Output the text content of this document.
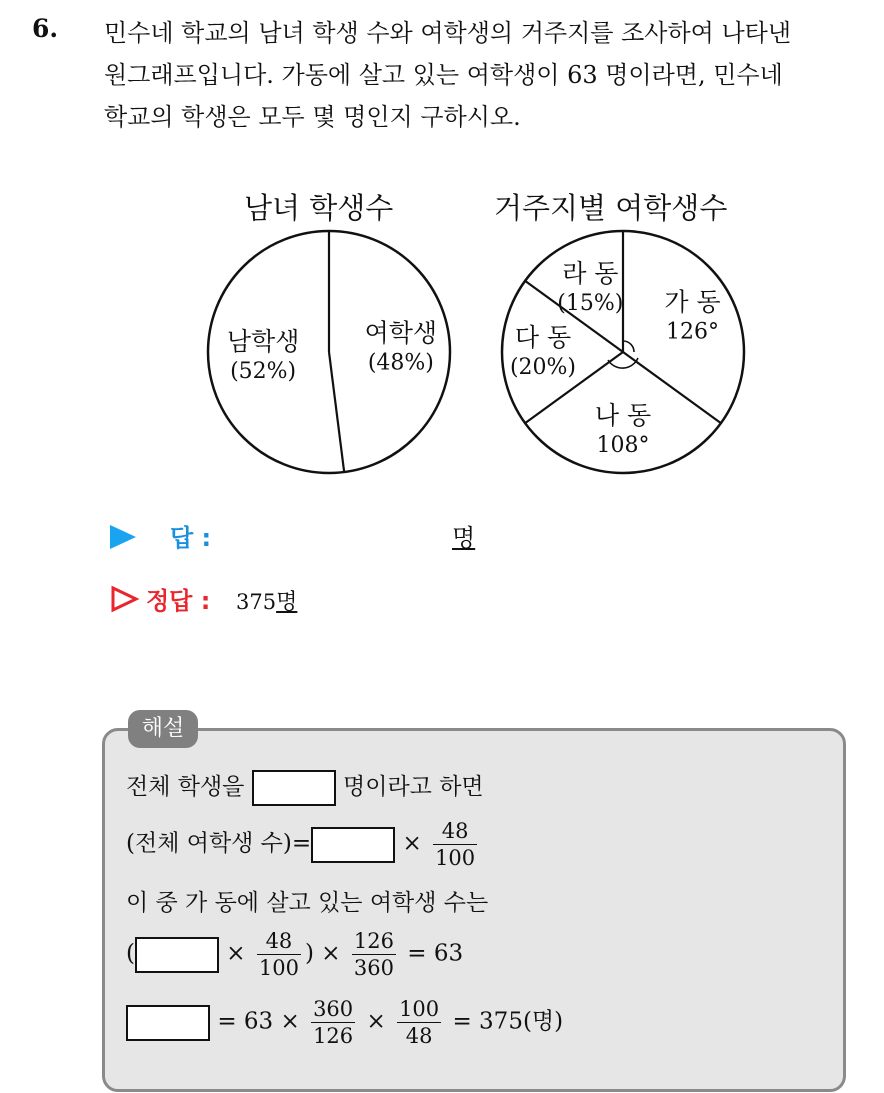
6. 민수네 학교의 남녀 학생 수와 여학생의 거주지를 조사하여 나타낸
원그래프입니다. 가동에 살고 있는 여학생이 63 명이라면, 민수네
학교의 학생은 모두 몇 명인지 구하시오.
남녀 학생수	거주지별 여학생수
여학생
(48%)
남학생
(52%)
가 동
126°
나 동
108°
다 동
(20%)
라 동
(15%)
답 :	명
정답 : 375명
해설
전체 학생을	명이라고 하면
(전체 여학생 수)=	× $\frac{48}{100}$
이 중 가 동에 살고 있는 여학생 수는
(	× $\frac{48}{100}$ ) × $\frac{126}{360} = 63$
= $63 \times \frac{360}{126} \times \frac{100}{48} = 375$(명)
